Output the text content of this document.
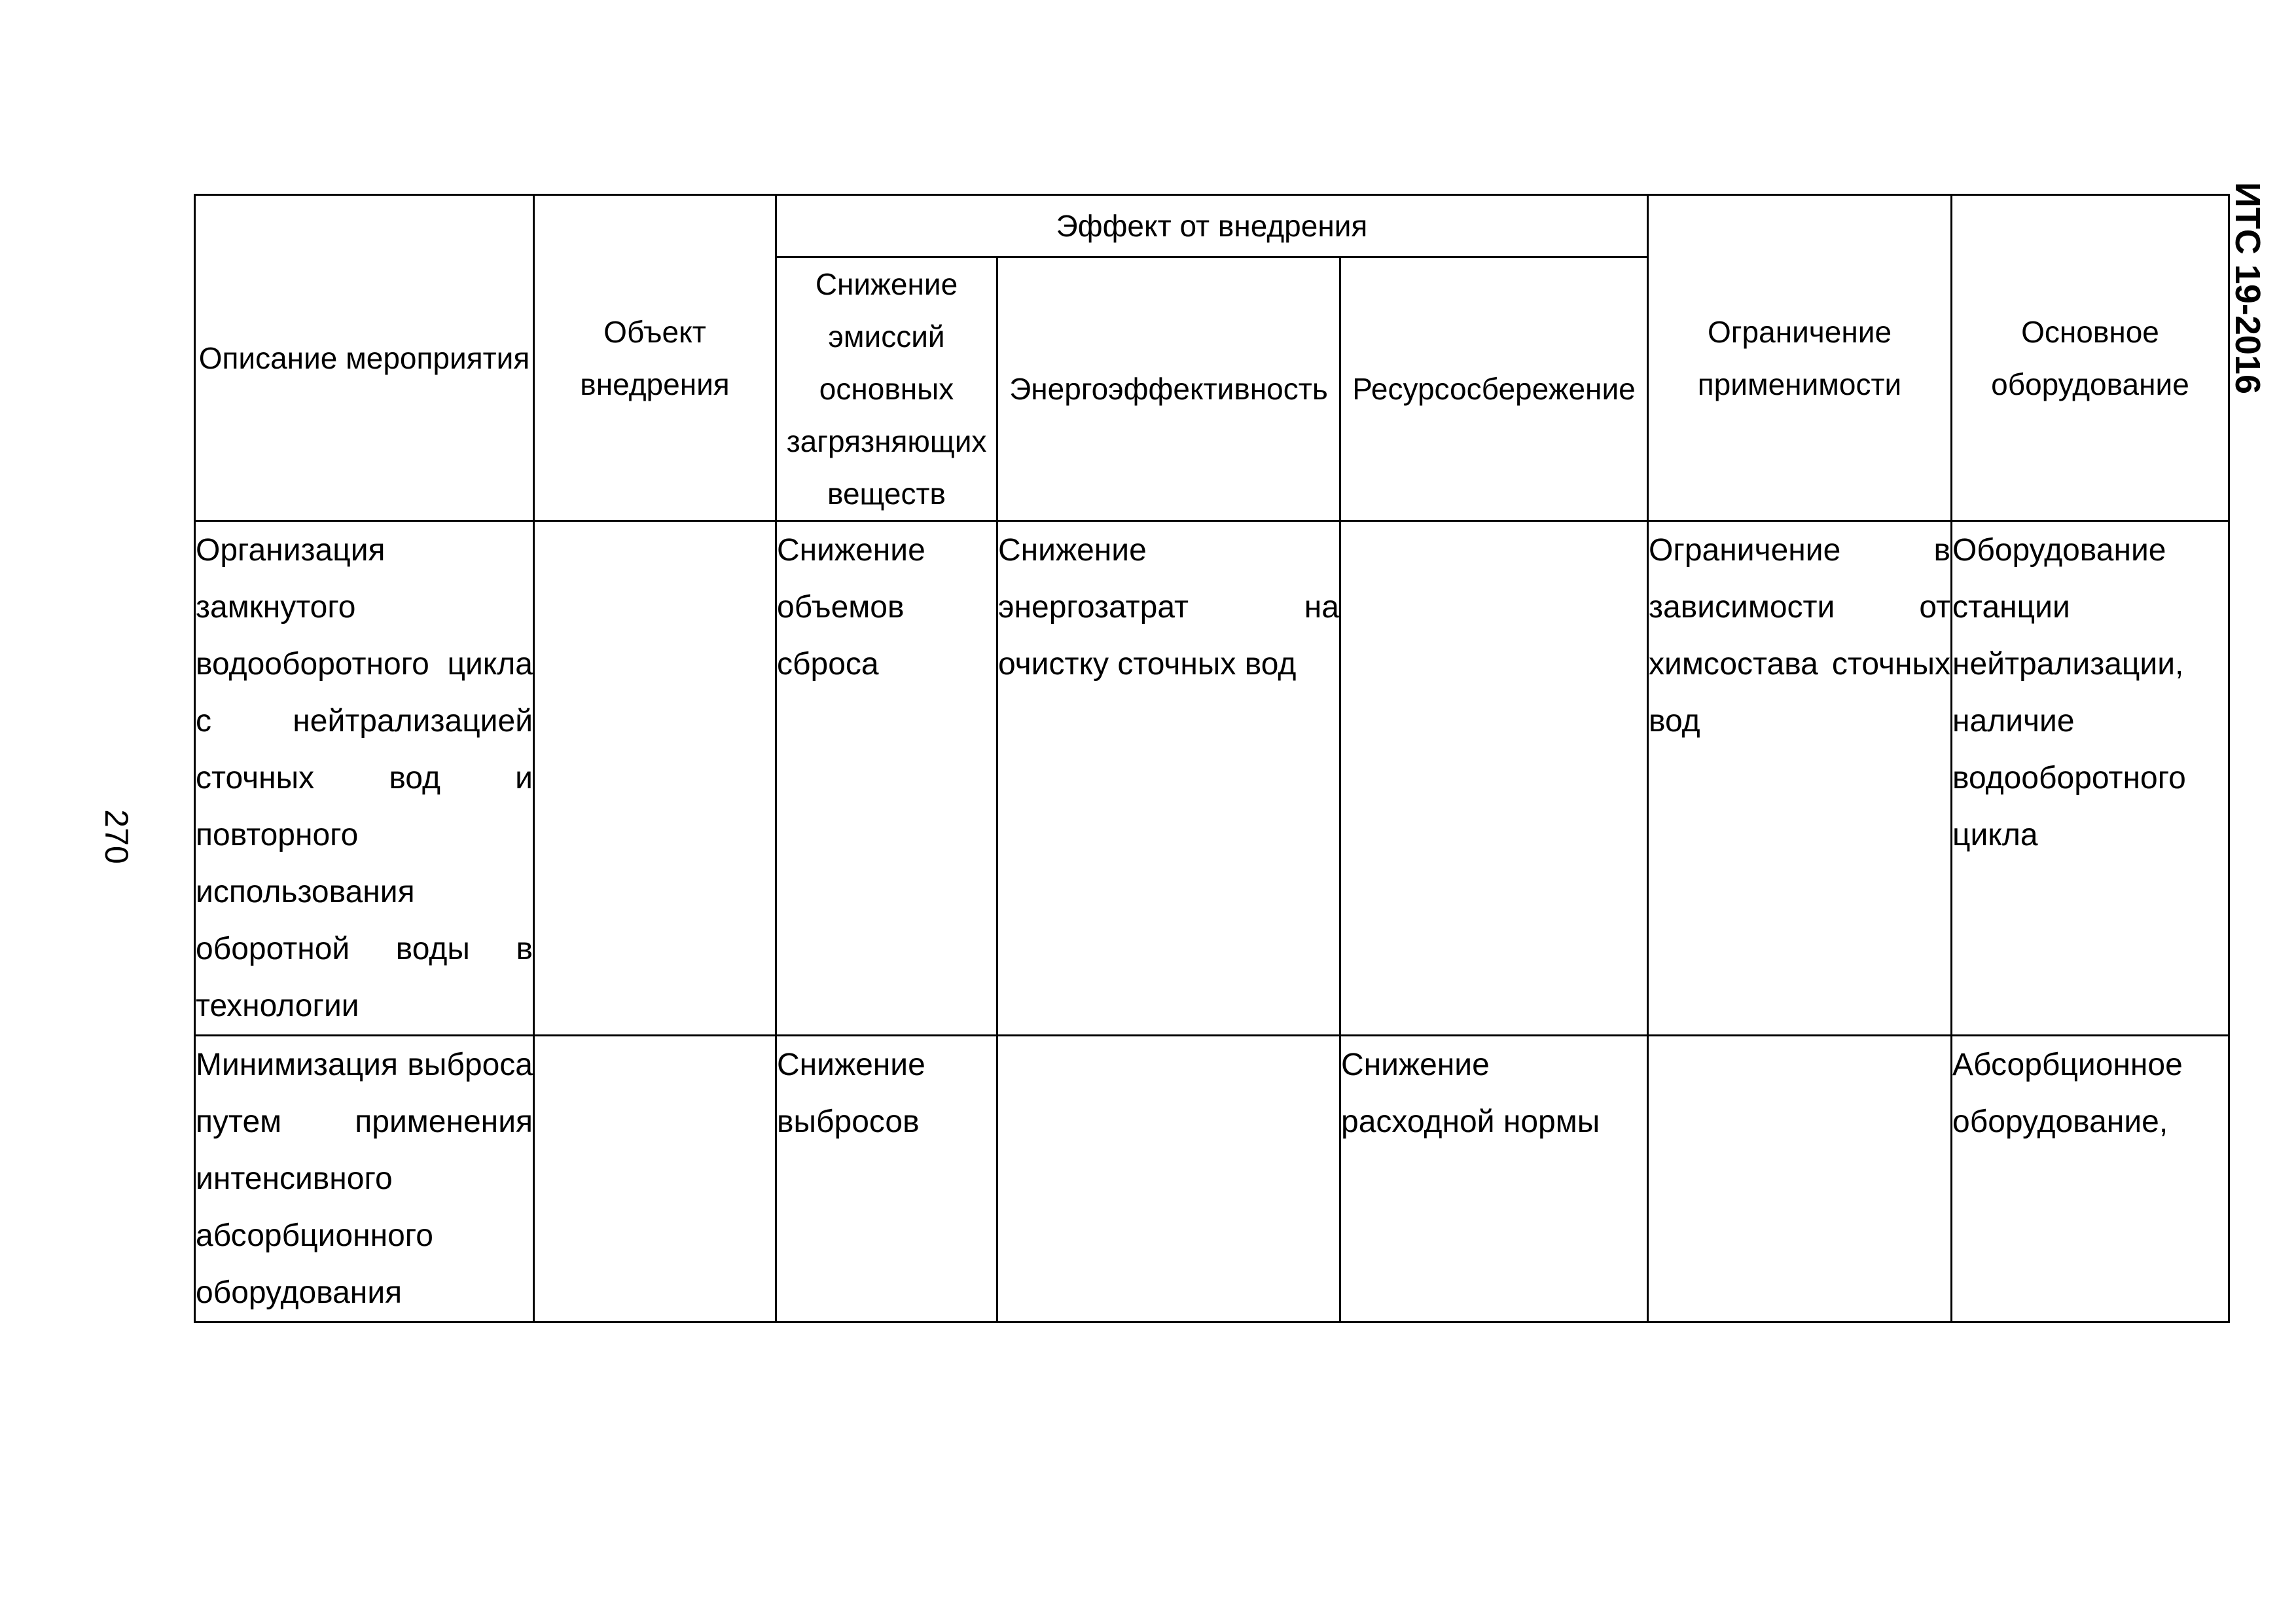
270
ИТС 19-2016
Описание мероприятия	Объект внедрения	Эффект от внедрения			Ограничение применимости	Основное оборудование
		Снижение эмиссий основных загрязняющих веществ	Энергоэффективность	Ресурсосбережение		
Организация замкнутого водооборотного цикла с нейтрализацией сточных вод и повторного использования оборотной воды в технологии		Снижение объемов сброса	Снижение энергозатрат на очистку сточных вод		Ограничение в зависимости от химсостава сточных вод	Оборудование станции нейтрализации, наличие водооборотного цикла
Минимизация выброса путем применения интенсивного абсорбционного оборудования		Снижение выбросов		Снижение расходной нормы		Абсорбционное оборудование,
